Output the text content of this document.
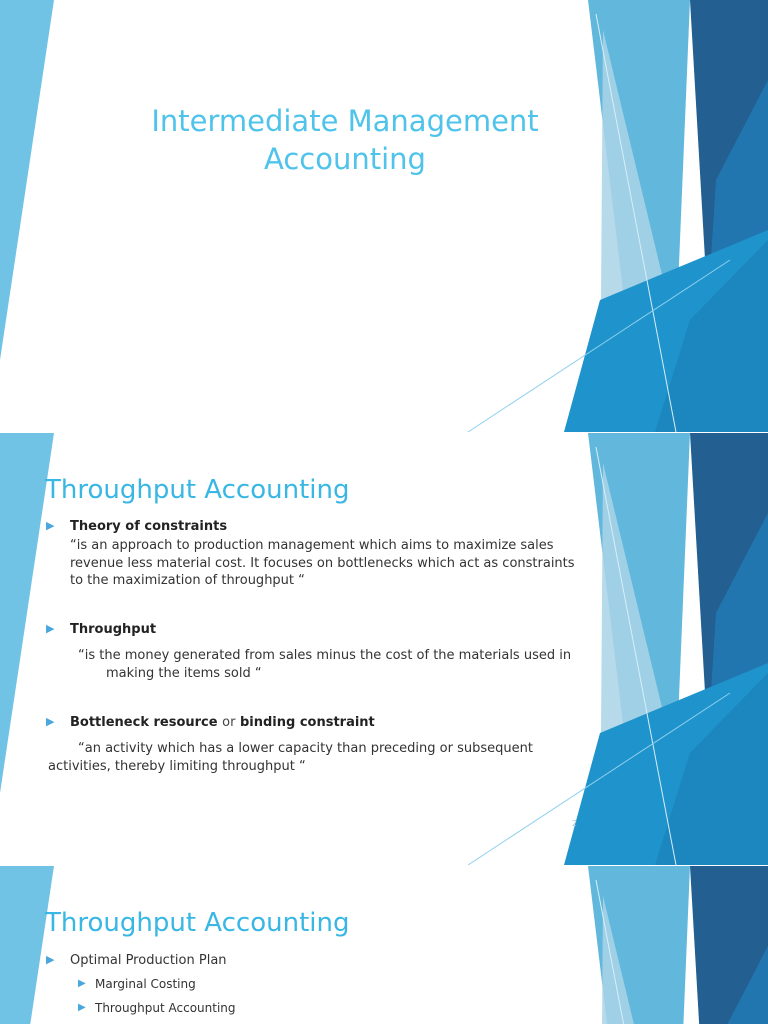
Intermediate Management
Accounting
Throughput Accounting
▶ Theory of constraints
“is an approach to production management which aims to maximize sales
revenue less material cost. It focuses on bottlenecks which act as constraints
to the maximization of throughput “
▶ Throughput
“is the money generated from sales minus the cost of the materials used in
making the items sold “
▶ Bottleneck resource or binding constraint
“an activity which has a lower capacity than preceding or subsequent
activities, thereby limiting throughput “
2
Throughput Accounting
▶ Optimal Production Plan
▶ Marginal Costing
▶ Throughput Accounting
